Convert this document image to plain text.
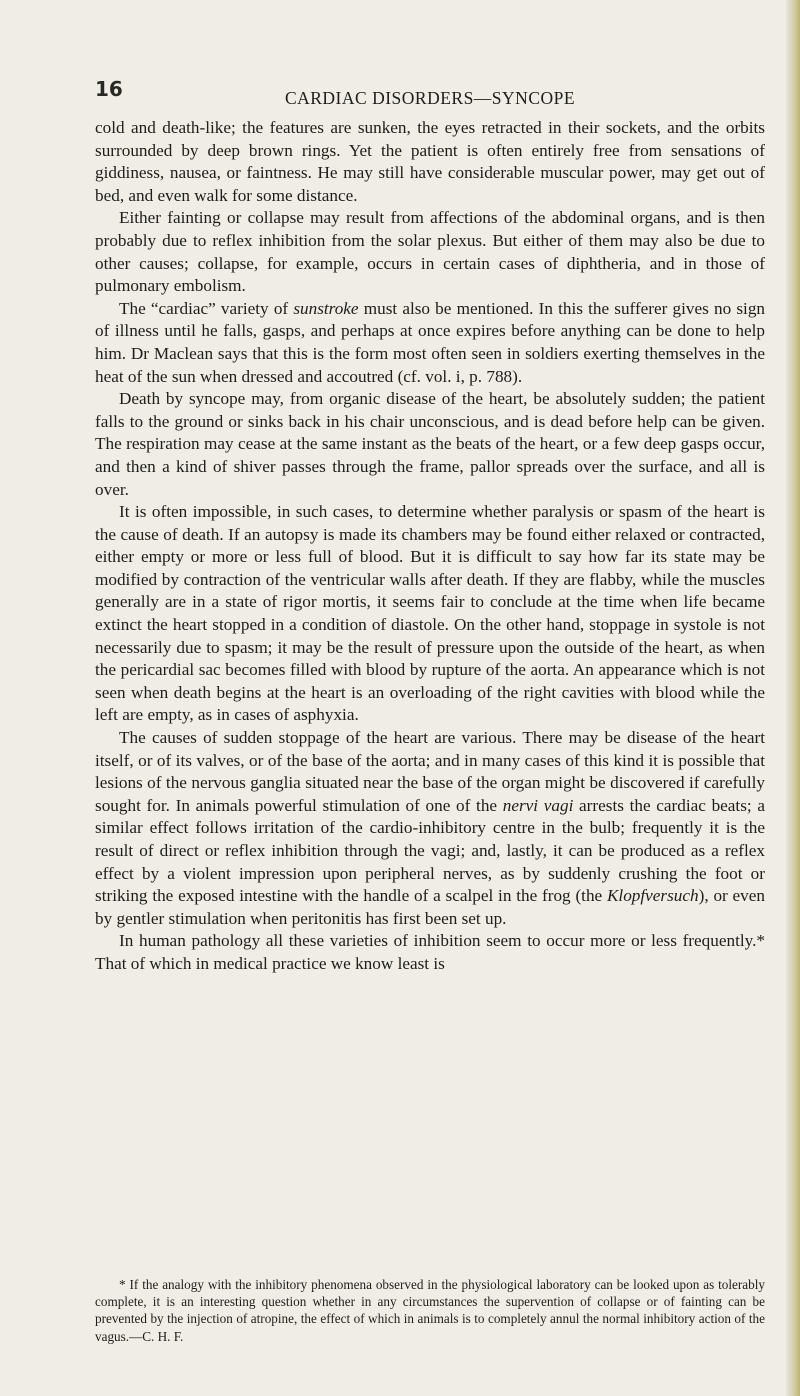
16	CARDIAC DISORDERS—SYNCOPE

cold and death-like; the features are sunken, the eyes retracted in their sockets, and the orbits surrounded by deep brown rings. Yet the patient is often entirely free from sensations of giddiness, nausea, or faintness. He may still have considerable muscular power, may get out of bed, and even walk for some distance.

Either fainting or collapse may result from affections of the abdominal organs, and is then probably due to reflex inhibition from the solar plexus. But either of them may also be due to other causes; collapse, for example, occurs in certain cases of diphtheria, and in those of pulmonary embolism.

The “cardiac” variety of sunstroke must also be mentioned. In this the sufferer gives no sign of illness until he falls, gasps, and perhaps at once expires before anything can be done to help him. Dr Maclean says that this is the form most often seen in soldiers exerting themselves in the heat of the sun when dressed and accoutred (cf. vol. i, p. 788).

Death by syncope may, from organic disease of the heart, be absolutely sudden; the patient falls to the ground or sinks back in his chair unconscious, and is dead before help can be given. The respiration may cease at the same instant as the beats of the heart, or a few deep gasps occur, and then a kind of shiver passes through the frame, pallor spreads over the surface, and all is over.

It is often impossible, in such cases, to determine whether paralysis or spasm of the heart is the cause of death. If an autopsy is made its chambers may be found either relaxed or contracted, either empty or more or less full of blood. But it is difficult to say how far its state may be modified by contraction of the ventricular walls after death. If they are flabby, while the muscles generally are in a state of rigor mortis, it seems fair to conclude at the time when life became extinct the heart stopped in a condition of diastole. On the other hand, stoppage in systole is not necessarily due to spasm; it may be the result of pressure upon the outside of the heart, as when the pericardial sac becomes filled with blood by rupture of the aorta. An appearance which is not seen when death begins at the heart is an overloading of the right cavities with blood while the left are empty, as in cases of asphyxia.

The causes of sudden stoppage of the heart are various. There may be disease of the heart itself, or of its valves, or of the base of the aorta; and in many cases of this kind it is possible that lesions of the nervous ganglia situated near the base of the organ might be discovered if carefully sought for. In animals powerful stimulation of one of the nervi vagi arrests the cardiac beats; a similar effect follows irritation of the cardio-inhibitory centre in the bulb; frequently it is the result of direct or reflex inhibition through the vagi; and, lastly, it can be produced as a reflex effect by a violent impression upon peripheral nerves, as by suddenly crushing the foot or striking the exposed intestine with the handle of a scalpel in the frog (the Klopfversuch), or even by gentler stimulation when peritonitis has first been set up.

In human pathology all these varieties of inhibition seem to occur more or less frequently.* That of which in medical practice we know least is

* If the analogy with the inhibitory phenomena observed in the physiological laboratory can be looked upon as tolerably complete, it is an interesting question whether in any circumstances the supervention of collapse or of fainting can be prevented by the injection of atropine, the effect of which in animals is to completely annul the normal inhibitory action of the vagus.—C. H. F.
